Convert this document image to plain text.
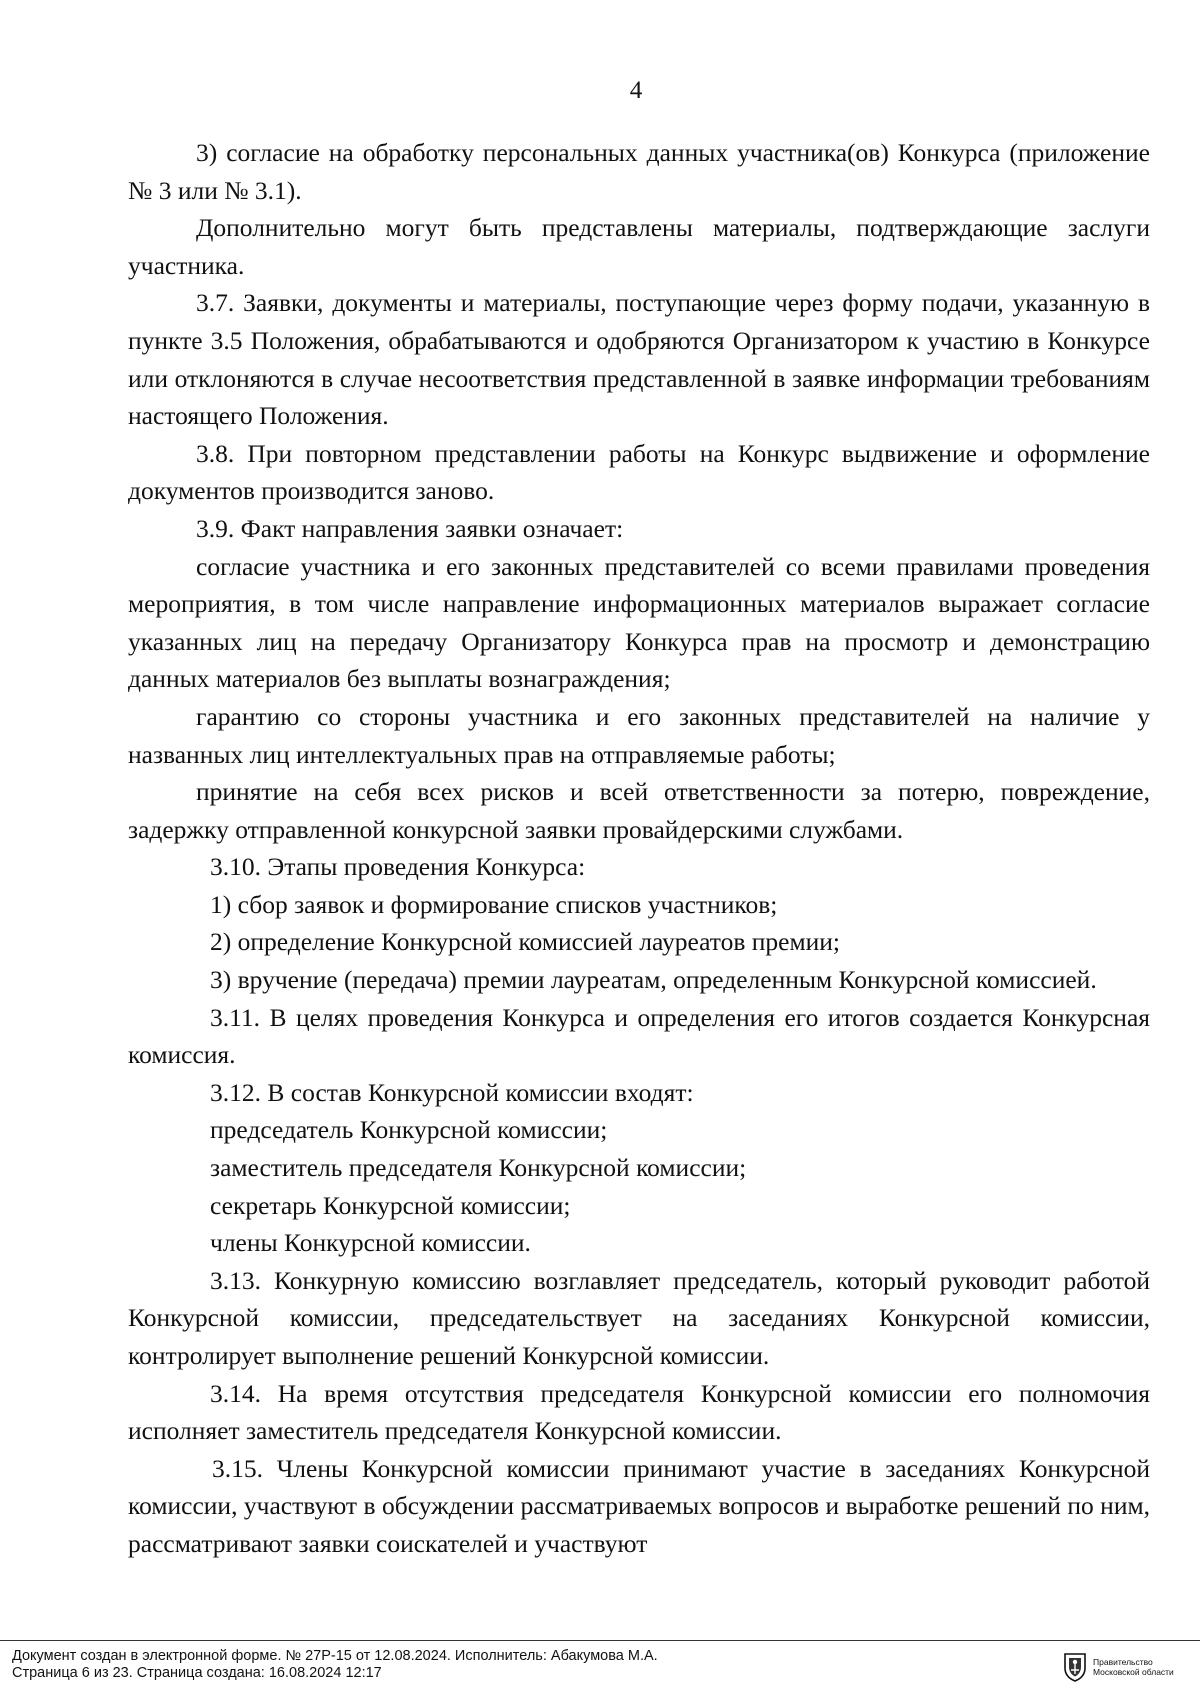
4

3) согласие на обработку персональных данных участника(ов) Конкурса (приложение № 3 или № 3.1).

Дополнительно могут быть представлены материалы, подтверждающие заслуги участника.

3.7. Заявки, документы и материалы, поступающие через форму подачи, указанную в пункте 3.5 Положения, обрабатываются и одобряются Организатором к участию в Конкурсе или отклоняются в случае несоответствия представленной в заявке информации требованиям настоящего Положения.

3.8. При повторном представлении работы на Конкурс выдвижение и оформление документов производится заново.

3.9. Факт направления заявки означает:

согласие участника и его законных представителей со всеми правилами проведения мероприятия, в том числе направление информационных материалов выражает согласие указанных лиц на передачу Организатору Конкурса прав на просмотр и демонстрацию данных материалов без выплаты вознаграждения;

гарантию со стороны участника и его законных представителей на наличие у названных лиц интеллектуальных прав на отправляемые работы;

принятие на себя всех рисков и всей ответственности за потерю, повреждение, задержку отправленной конкурсной заявки провайдерскими службами.

3.10. Этапы проведения Конкурса:

1) сбор заявок и формирование списков участников;

2) определение Конкурсной комиссией лауреатов премии;

3) вручение (передача) премии лауреатам, определенным Конкурсной комиссией.

3.11. В целях проведения Конкурса и определения его итогов создается Конкурсная комиссия.

3.12. В состав Конкурсной комиссии входят:

председатель Конкурсной комиссии;

заместитель председателя Конкурсной комиссии;

секретарь Конкурсной комиссии;

члены Конкурсной комиссии.

3.13. Конкурную комиссию возглавляет председатель, который руководит работой Конкурсной комиссии, председательствует на заседаниях Конкурсной комиссии, контролирует выполнение решений Конкурсной комиссии.

3.14. На время отсутствия председателя Конкурсной комиссии его полномочия исполняет заместитель председателя Конкурсной комиссии.

3.15. Члены Конкурсной комиссии принимают участие в заседаниях Конкурсной комиссии, участвуют в обсуждении рассматриваемых вопросов и выработке решений по ним, рассматривают заявки соискателей и участвуют

Документ создан в электронной форме. № 27Р-15 от 12.08.2024. Исполнитель: Абакумова М.А.
Страница 6 из 23. Страница создана: 16.08.2024 12:17
Правительство
Московской области
